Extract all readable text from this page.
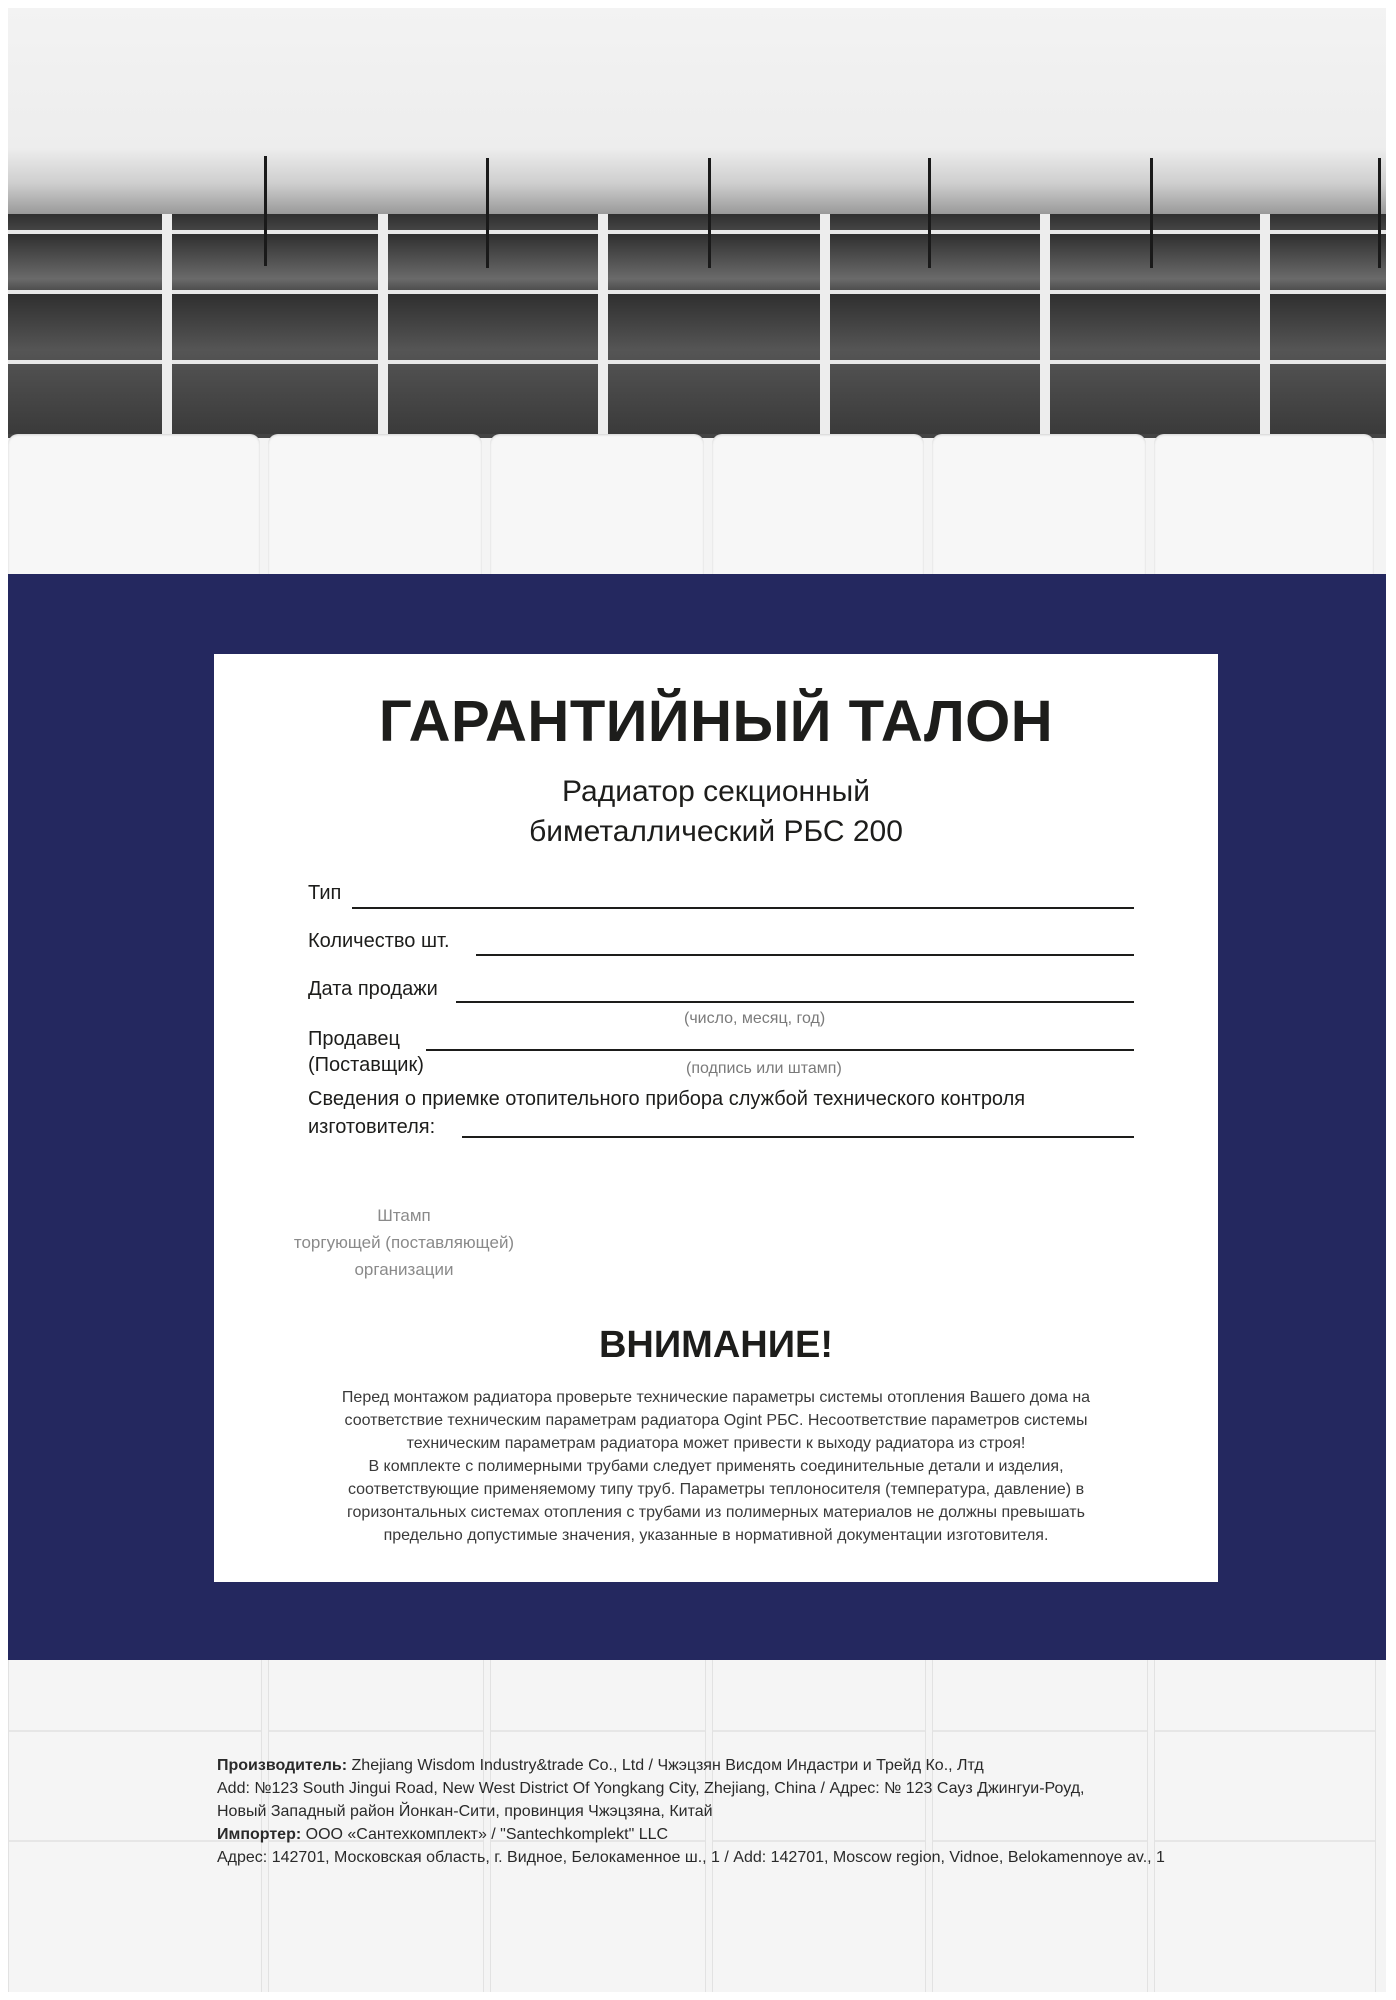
ГАРАНТИЙНЫЙ ТАЛОН
Радиатор секционный
биметаллический РБС 200
Тип
Количество шт.
Дата продажи
(число, месяц, год)
Продавец
(Поставщик)	(подпись или штамп)
Сведения о приемке отопительного прибора службой технического контроля
изготовителя:
Штамп
торгующей (поставляющей)
организации
ВНИМАНИЕ!
Перед монтажом радиатора проверьте технические параметры системы отопления Вашего дома на
соответствие техническим параметрам радиатора Ogint РБС. Несоответствие параметров системы
техническим параметрам радиатора может привести к выходу радиатора из строя!
В комплекте с полимерными трубами следует применять соединительные детали и изделия,
соответствующие применяемому типу труб. Параметры теплоносителя (температура, давление) в
горизонтальных системах отопления с трубами из полимерных материалов не должны превышать
предельно допустимые значения, указанные в нормативной документации изготовителя.
Производитель: Zhejiang Wisdom Industry&trade Co., Ltd / Чжэцзян Висдом Индастри и Трейд Ко., Лтд
Add: №123 South Jingui Road, New West District Of Yongkang City, Zhejiang, China / Адрес: № 123 Сауз Джингуи-Роуд,
Новый Западный район Йонкан-Сити, провинция Чжэцзяна, Китай
Импортер: ООО «Сантехкомплект» / "Santechkomplekt" LLC
Адрес: 142701, Московская область, г. Видное, Белокаменное ш., 1 / Add: 142701, Moscow region, Vidnoe, Belokamennoye av., 1
